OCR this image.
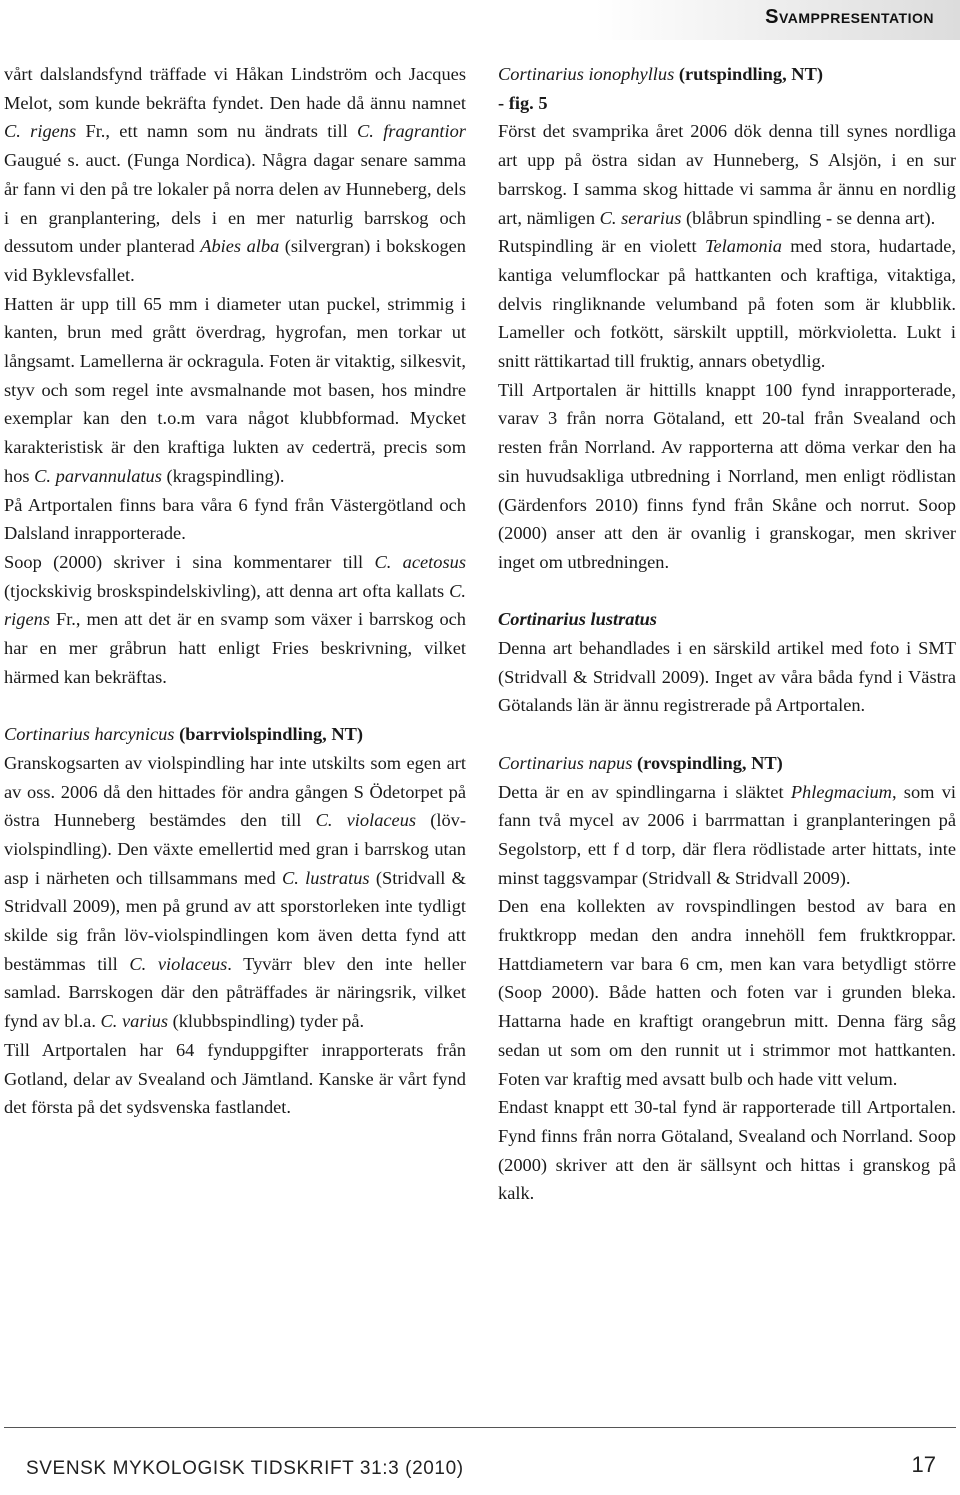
Svamppresentation

vårt dalslandsfynd träffade vi Håkan Lindström och Jacques Melot, som kunde bekräfta fyndet. Den hade då ännu namnet C. rigens Fr., ett namn som nu ändrats till C. fragrantior Gaugué s. auct. (Funga Nordica). Några dagar senare samma år fann vi den på tre lokaler på norra delen av Hunneberg, dels i en granplantering, dels i en mer naturlig barrskog och dessutom under planterad Abies alba (silvergran) i bokskogen vid Byklevsfallet.

Hatten är upp till 65 mm i diameter utan puckel, strimmig i kanten, brun med grått överdrag, hygrofan, men torkar ut långsamt. Lamellerna är ockragula. Foten är vitaktig, silkesvit, styv och som regel inte avsmalnande mot basen, hos mindre exemplar kan den t.o.m vara något klubbformad. Mycket karakteristisk är den kraftiga lukten av cederträ, precis som hos C. parvannulatus (kragspindling).

På Artportalen finns bara våra 6 fynd från Västergötland och Dalsland inrapporterade.

Soop (2000) skriver i sina kommentarer till C. acetosus (tjockskivig broskspindelskivling), att denna art ofta kallats C. rigens Fr., men att det är en svamp som växer i barrskog och har en mer gråbrun hatt enligt Fries beskrivning, vilket härmed kan bekräftas.

Cortinarius harcynicus (barrviolspindling, NT)

Granskogsarten av violspindling har inte utskilts som egen art av oss. 2006 då den hittades för andra gången S Ödetorpet på östra Hunneberg bestämdes den till C. violaceus (löv-violspindling). Den växte emellertid med gran i barrskog utan asp i närheten och tillsammans med C. lustratus (Stridvall & Stridvall 2009), men på grund av att sporstorleken inte tydligt skilde sig från löv-violspindlingen kom även detta fynd att bestämmas till C. violaceus. Tyvärr blev den inte heller samlad. Barrskogen där den påträffades är näringsrik, vilket fynd av bl.a. C. varius (klubbspindling) tyder på.

Till Artportalen har 64 fynduppgifter inrapporterats från Gotland, delar av Svealand och Jämtland. Kanske är vårt fynd det första på det sydsvenska fastlandet.

Cortinarius ionophyllus (rutspindling, NT)
- fig. 5

Först det svamprika året 2006 dök denna till synes nordliga art upp på östra sidan av Hunneberg, S Alsjön, i en sur barrskog. I samma skog hittade vi samma år ännu en nordlig art, nämligen C. serarius (blåbrun spindling - se denna art).

Rutspindling är en violett Telamonia med stora, hudartade, kantiga velumflockar på hattkanten och kraftiga, vitaktiga, delvis ringliknande velumband på foten som är klubblik. Lameller och fotkött, särskilt upptill, mörkvioletta. Lukt i snitt rättikartad till fruktig, annars obetydlig.

Till Artportalen är hittills knappt 100 fynd inrapporterade, varav 3 från norra Götaland, ett 20-tal från Svealand och resten från Norrland. Av rapporterna att döma verkar den ha sin huvudsakliga utbredning i Norrland, men enligt rödlistan (Gärdenfors 2010) finns fynd från Skåne och norrut. Soop (2000) anser att den är ovanlig i granskogar, men skriver inget om utbredningen.

Cortinarius lustratus

Denna art behandlades i en särskild artikel med foto i SMT (Stridvall & Stridvall 2009). Inget av våra båda fynd i Västra Götalands län är ännu registrerade på Artportalen.

Cortinarius napus (rovspindling, NT)

Detta är en av spindlingarna i släktet Phlegmacium, som vi fann två mycel av 2006 i barrmattan i granplanteringen på Segolstorp, ett f d torp, där flera rödlistade arter hittats, inte minst taggsvampar (Stridvall & Stridvall 2009).

Den ena kollekten av rovspindlingen bestod av bara en fruktkropp medan den andra innehöll fem fruktkroppar. Hattdiametern var bara 6 cm, men kan vara betydligt större (Soop 2000). Både hatten och foten var i grunden bleka. Hattarna hade en kraftigt orangebrun mitt. Denna färg såg sedan ut som om den runnit ut i strimmor mot hattkanten. Foten var kraftig med avsatt bulb och hade vitt velum.

Endast knappt ett 30-tal fynd är rapporterade till Artportalen. Fynd finns från norra Götaland, Svealand och Norrland. Soop (2000) skriver att den är sällsynt och hittas i granskog på kalk.

SVENSK MYKOLOGISK TIDSKRIFT 31:3 (2010)	17
